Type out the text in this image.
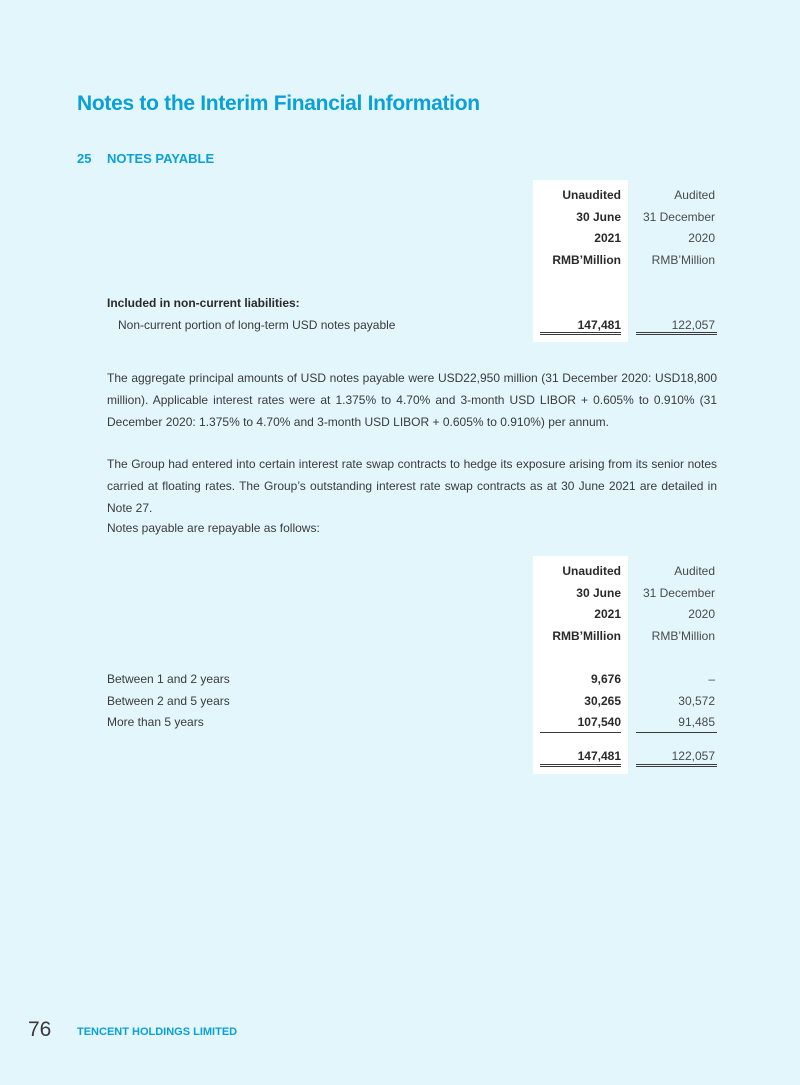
Notes to the Interim Financial Information
25 NOTES PAYABLE
Unaudited	Audited
30 June 31 December
2021	2020
RMB’Million	RMB’Million
Included in non-current liabilities:
Non-current portion of long-term USD notes payable	147,481	122,057

The aggregate principal amounts of USD notes payable were USD22,950 million (31 December 2020: USD18,800 million). Applicable interest rates were at 1.375% to 4.70% and 3-month USD LIBOR + 0.605% to 0.910% (31 December 2020: 1.375% to 4.70% and 3-month USD LIBOR + 0.605% to 0.910%) per annum.

The Group had entered into certain interest rate swap contracts to hedge its exposure arising from its senior notes carried at floating rates. The Group’s outstanding interest rate swap contracts as at 30 June 2021 are detailed in Note 27.

Notes payable are repayable as follows:

Unaudited	Audited
30 June 31 December
2021	2020
RMB’Million	RMB’Million
Between 1 and 2 years	9,676	–
Between 2 and 5 years	30,265	30,572
More than 5 years	107,540	91,485
147,481	122,057
76 TENCENT HOLDINGS LIMITED
